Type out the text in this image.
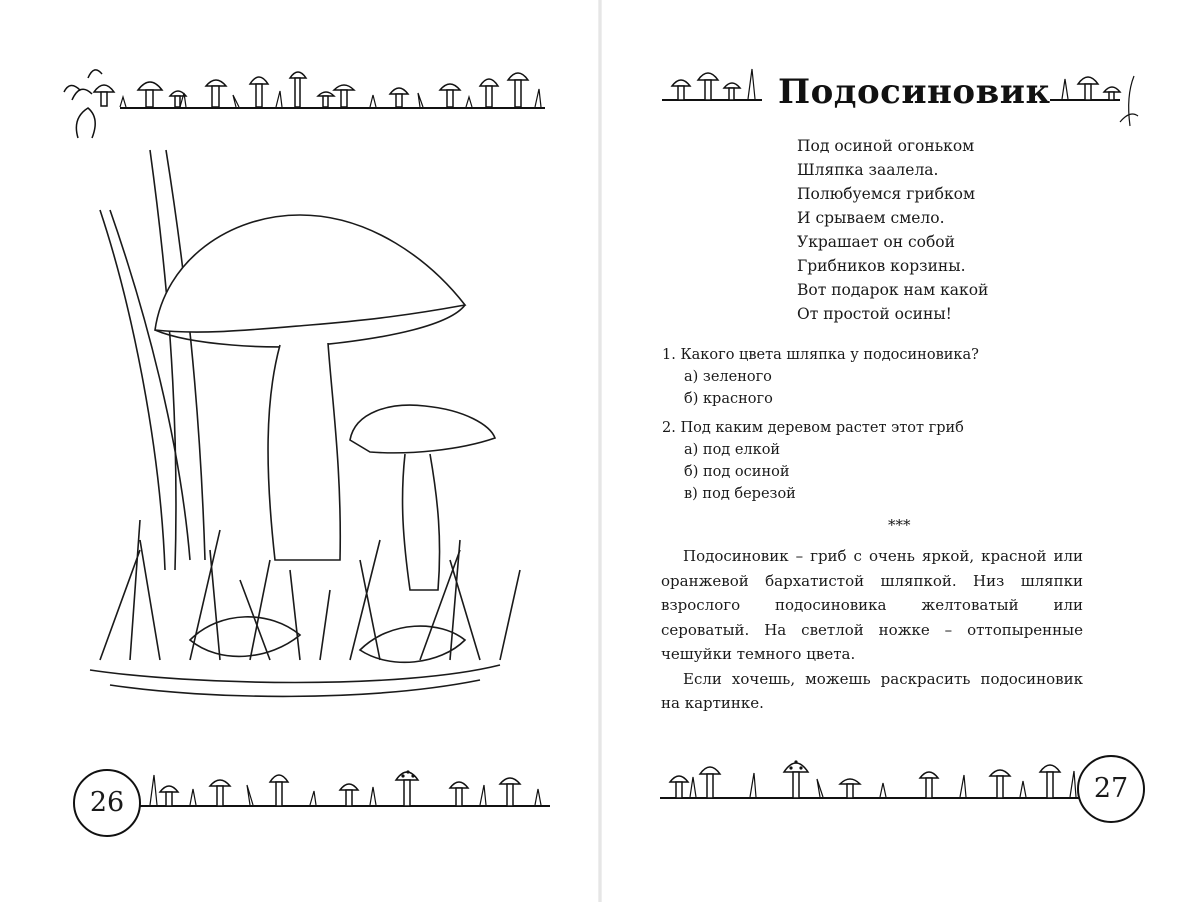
26
Подосиновик
Под осиной огоньком
Шляпка заалела.
Полюбуемся грибком
И срываем смело.
Украшает он собой
Грибников корзины.
Вот подарок нам какой
От простой осины!

1. Какого цвета шляпка у подосиновика?

а) зеленого

б) красного

2. Под каким деревом растет этот гриб

а) под елкой

б) под осиной

в) под березой

***

Подосиновик – гриб с очень яркой, красной или оранжевой бархатистой шляпкой. Низ шляпки взрослого подосиновика желтоватый или сероватый. На светлой ножке – оттопыренные чешуйки темного цвета.

Если хочешь, можешь раскрасить подосиновик на картинке.

27
